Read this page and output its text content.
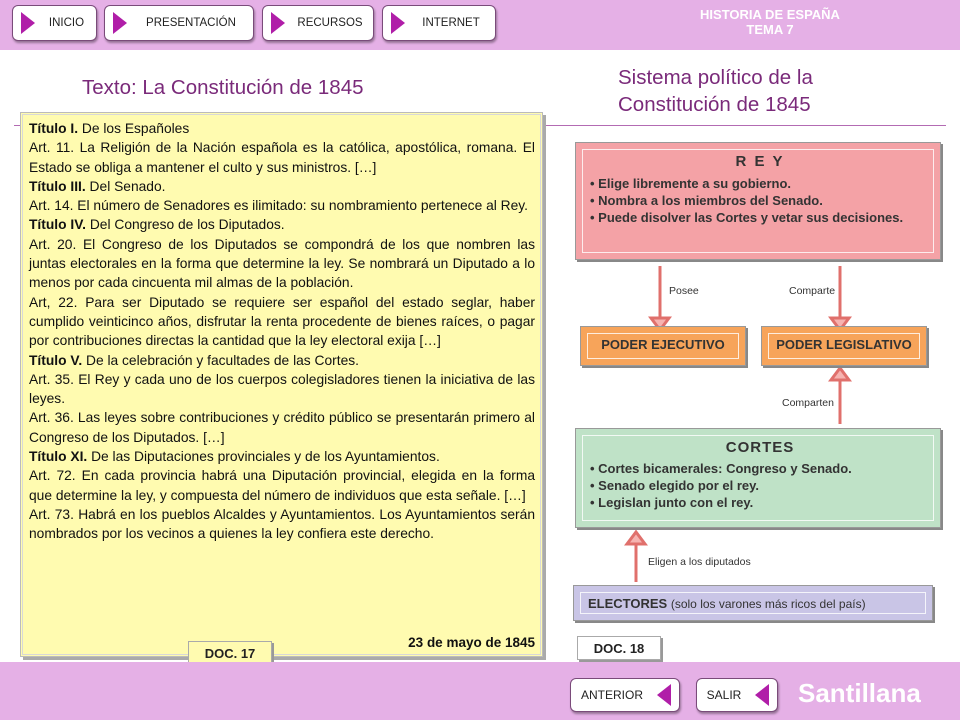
INICIO	PRESENTACIÓN	RECURSOS	INTERNET
HISTORIA DE ESPAÑA
TEMA 7
Texto: La Constitución de 1845	Sistema político de la
Constitución de 1845

Título I. De los Españoles

Art. 11. La Religión de la Nación española es la católica, apostólica, romana. El Estado se obliga a mantener el culto y sus ministros. […]

Título III. Del Senado.

Art. 14. El número de Senadores es ilimitado: su nombramiento pertenece al Rey.

Título IV. Del Congreso de los Diputados.

Art. 20. El Congreso de los Diputados se compondrá de los que nombren las juntas electorales en la forma que determine la ley. Se nombrará un Diputado a lo menos por cada cincuenta mil almas de la población.

Art, 22. Para ser Diputado se requiere ser español del estado seglar, haber cumplido veinticinco años, disfrutar la renta procedente de bienes raíces, o pagar por contribuciones directas la cantidad que la ley electoral exija […]

Título V. De la celebración y facultades de las Cortes.

Art. 35. El Rey y cada uno de los cuerpos colegisladores tienen la iniciativa de las leyes.

Art. 36. Las leyes sobre contribuciones y crédito público se presentarán primero al Congreso de los Diputados. […]

Título XI. De las Diputaciones provinciales y de los Ayuntamientos.

Art. 72. En cada provincia habrá una Diputación provincial, elegida en la forma que determine la ley, y compuesta del número de individuos que esta señale. […]

Art. 73. Habrá en los pueblos Alcaldes y Ayuntamientos. Los Ayuntamientos serán nombrados por los vecinos a quienes la ley confiera este derecho.

23 de mayo de 1845
DOC. 17
R E Y
• Elige libremente a su gobierno.
• Nombra a los miembros del Senado.
• Puede disolver las Cortes y vetar sus decisiones.
Posee	Comparte
Comparten
Eligen a los diputados
PODER EJECUTIVO	PODER LEGISLATIVO
CORTES
• Cortes bicamerales: Congreso y Senado.
• Senado elegido por el rey.
• Legislan junto con el rey.
ELECTORES (solo los varones más ricos del país)
DOC. 18
ANTERIOR	SALIR	Santillana
